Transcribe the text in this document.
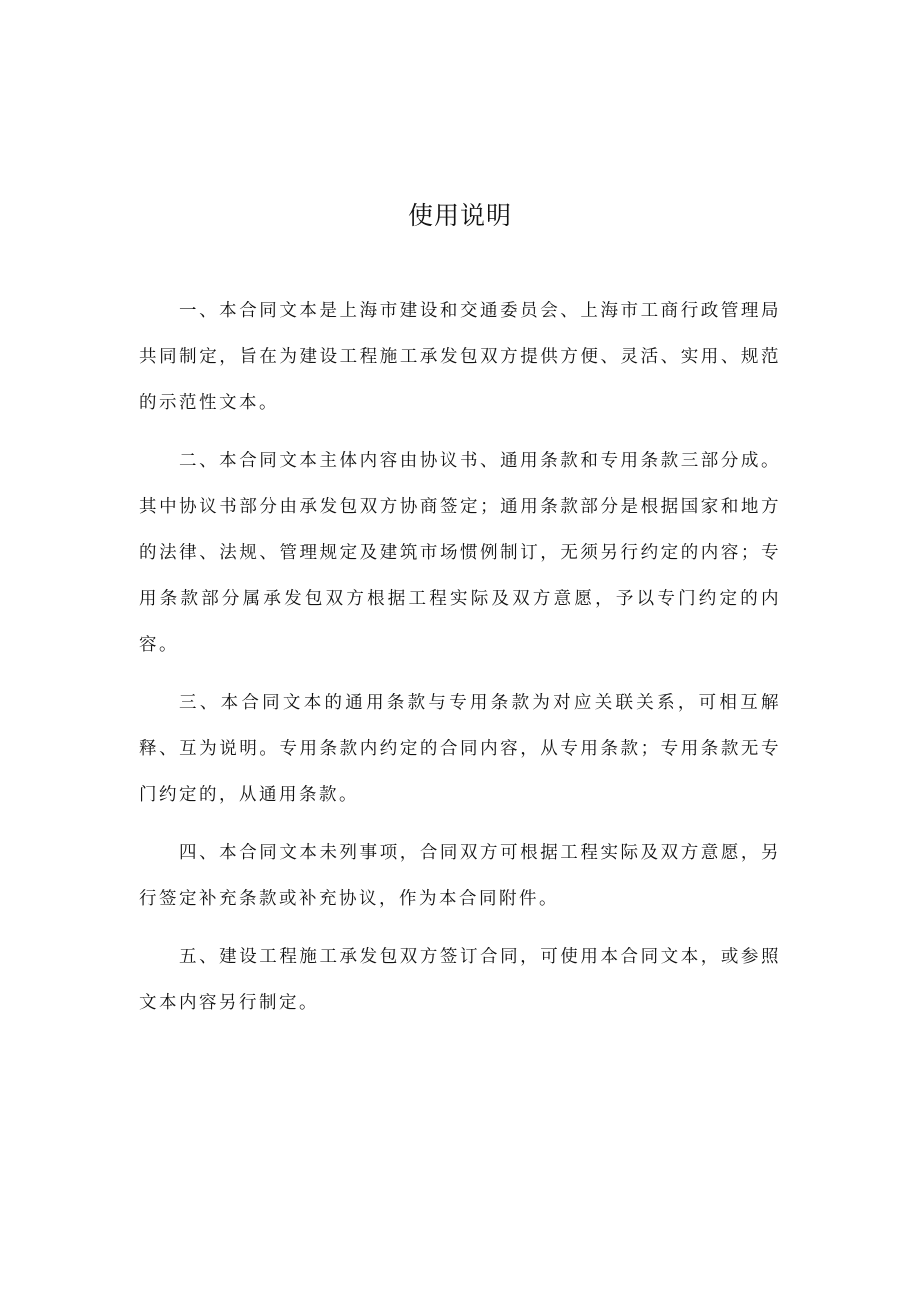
使用说明

一、本合同文本是上海市建设和交通委员会、上海市工商行政管理局共同制定，旨在为建设工程施工承发包双方提供方便、灵活、实用、规范的示范性文本。

二、本合同文本主体内容由协议书、通用条款和专用条款三部分成。其中协议书部分由承发包双方协商签定；通用条款部分是根据国家和地方的法律、法规、管理规定及建筑市场惯例制订，无须另行约定的内容；专用条款部分属承发包双方根据工程实际及双方意愿，予以专门约定的内容。

三、本合同文本的通用条款与专用条款为对应关联关系，可相互解释、互为说明。专用条款内约定的合同内容，从专用条款；专用条款无专门约定的，从通用条款。

四、本合同文本未列事项，合同双方可根据工程实际及双方意愿，另行签定补充条款或补充协议，作为本合同附件。

五、建设工程施工承发包双方签订合同，可使用本合同文本，或参照文本内容另行制定。
